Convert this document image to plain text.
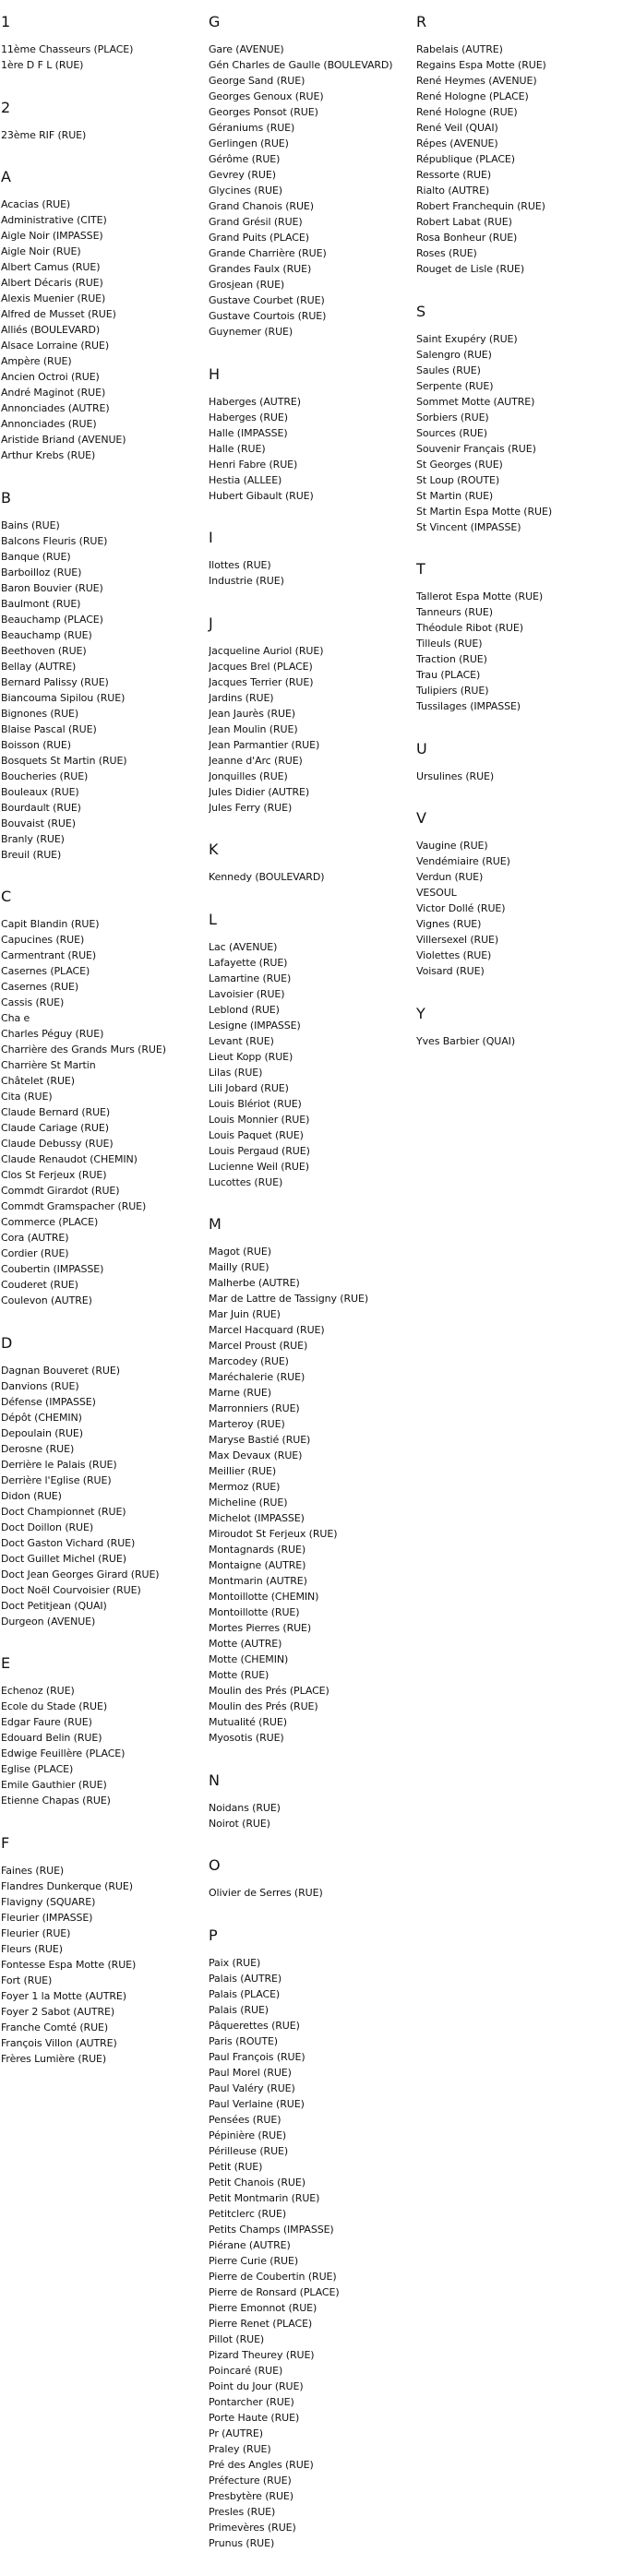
1
11ème Chasseurs (PLACE)
1ère D F L (RUE)
2
23ème RIF (RUE)
A
Acacias (RUE)
Administrative (CITE)
Aigle Noir (IMPASSE)
Aigle Noir (RUE)
Albert Camus (RUE)
Albert Décaris (RUE)
Alexis Muenier (RUE)
Alfred de Musset (RUE)
Alliés (BOULEVARD)
Alsace Lorraine (RUE)
Ampère (RUE)
Ancien Octroi (RUE)
André Maginot (RUE)
Annonciades (AUTRE)
Annonciades (RUE)
Aristide Briand (AVENUE)
Arthur Krebs (RUE)
B
Bains (RUE)
Balcons Fleuris (RUE)
Banque (RUE)
Barboilloz (RUE)
Baron Bouvier (RUE)
Baulmont (RUE)
Beauchamp (PLACE)
Beauchamp (RUE)
Beethoven (RUE)
Bellay (AUTRE)
Bernard Palissy (RUE)
Biancouma Sipilou (RUE)
Bignones (RUE)
Blaise Pascal (RUE)
Boisson (RUE)
Bosquets St Martin (RUE)
Boucheries (RUE)
Bouleaux (RUE)
Bourdault (RUE)
Bouvaist (RUE)
Branly (RUE)
Breuil (RUE)
C
Capit Blandin (RUE)
Capucines (RUE)
Carmentrant (RUE)
Casernes (PLACE)
Casernes (RUE)
Cassis (RUE)
Cha e
Charles Péguy (RUE)
Charrière des Grands Murs (RUE)
Charrière St Martin
Châtelet (RUE)
Cita (RUE)
Claude Bernard (RUE)
Claude Cariage (RUE)
Claude Debussy (RUE)
Claude Renaudot (CHEMIN)
Clos St Ferjeux (RUE)
Commdt Girardot (RUE)
Commdt Gramspacher (RUE)
Commerce (PLACE)
Cora (AUTRE)
Cordier (RUE)
Coubertin (IMPASSE)
Couderet (RUE)
Coulevon (AUTRE)
D
Dagnan Bouveret (RUE)
Danvions (RUE)
Défense (IMPASSE)
Dépôt (CHEMIN)
Depoulain (RUE)
Derosne (RUE)
Derrière le Palais (RUE)
Derrière l'Eglise (RUE)
Didon (RUE)
Doct Championnet (RUE)
Doct Doillon (RUE)
Doct Gaston Vichard (RUE)
Doct Guillet Michel (RUE)
Doct Jean Georges Girard (RUE)
Doct Noël Courvoisier (RUE)
Doct Petitjean (QUAI)
Durgeon (AVENUE)
E
Echenoz (RUE)
Ecole du Stade (RUE)
Edgar Faure (RUE)
Edouard Belin (RUE)
Edwige Feuillère (PLACE)
Eglise (PLACE)
Emile Gauthier (RUE)
Etienne Chapas (RUE)
F
Faines (RUE)
Flandres Dunkerque (RUE)
Flavigny (SQUARE)
Fleurier (IMPASSE)
Fleurier (RUE)
Fleurs (RUE)
Fontesse Espa Motte (RUE)
Fort (RUE)
Foyer 1 la Motte (AUTRE)
Foyer 2 Sabot (AUTRE)
Franche Comté (RUE)
François Villon (AUTRE)
Frères Lumière (RUE)
G
Gare (AVENUE)
Gén Charles de Gaulle (BOULEVARD)
George Sand (RUE)
Georges Genoux (RUE)
Georges Ponsot (RUE)
Géraniums (RUE)
Gerlingen (RUE)
Gérôme (RUE)
Gevrey (RUE)
Glycines (RUE)
Grand Chanois (RUE)
Grand Grésil (RUE)
Grand Puits (PLACE)
Grande Charrière (RUE)
Grandes Faulx (RUE)
Grosjean (RUE)
Gustave Courbet (RUE)
Gustave Courtois (RUE)
Guynemer (RUE)
H
Haberges (AUTRE)
Haberges (RUE)
Halle (IMPASSE)
Halle (RUE)
Henri Fabre (RUE)
Hestia (ALLEE)
Hubert Gibault (RUE)
I
Ilottes (RUE)
Industrie (RUE)
J
Jacqueline Auriol (RUE)
Jacques Brel (PLACE)
Jacques Terrier (RUE)
Jardins (RUE)
Jean Jaurès (RUE)
Jean Moulin (RUE)
Jean Parmantier (RUE)
Jeanne d'Arc (RUE)
Jonquilles (RUE)
Jules Didier (AUTRE)
Jules Ferry (RUE)
K
Kennedy (BOULEVARD)
L
Lac (AVENUE)
Lafayette (RUE)
Lamartine (RUE)
Lavoisier (RUE)
Leblond (RUE)
Lesigne (IMPASSE)
Levant (RUE)
Lieut Kopp (RUE)
Lilas (RUE)
Lili Jobard (RUE)
Louis Blériot (RUE)
Louis Monnier (RUE)
Louis Paquet (RUE)
Louis Pergaud (RUE)
Lucienne Weil (RUE)
Lucottes (RUE)
M
Magot (RUE)
Mailly (RUE)
Malherbe (AUTRE)
Mar de Lattre de Tassigny (RUE)
Mar Juin (RUE)
Marcel Hacquard (RUE)
Marcel Proust (RUE)
Marcodey (RUE)
Maréchalerie (RUE)
Marne (RUE)
Marronniers (RUE)
Marteroy (RUE)
Maryse Bastié (RUE)
Max Devaux (RUE)
Meillier (RUE)
Mermoz (RUE)
Micheline (RUE)
Michelot (IMPASSE)
Miroudot St Ferjeux (RUE)
Montagnards (RUE)
Montaigne (AUTRE)
Montmarin (AUTRE)
Montoillotte (CHEMIN)
Montoillotte (RUE)
Mortes Pierres (RUE)
Motte (AUTRE)
Motte (CHEMIN)
Motte (RUE)
Moulin des Prés (PLACE)
Moulin des Prés (RUE)
Mutualité (RUE)
Myosotis (RUE)
N
Noidans (RUE)
Noirot (RUE)
O
Olivier de Serres (RUE)
P
Paix (RUE)
Palais (AUTRE)
Palais (PLACE)
Palais (RUE)
Pâquerettes (RUE)
Paris (ROUTE)
Paul François (RUE)
Paul Morel (RUE)
Paul Valéry (RUE)
Paul Verlaine (RUE)
Pensées (RUE)
Pépinière (RUE)
Périlleuse (RUE)
Petit (RUE)
Petit Chanois (RUE)
Petit Montmarin (RUE)
Petitclerc (RUE)
Petits Champs (IMPASSE)
Piérane (AUTRE)
Pierre Curie (RUE)
Pierre de Coubertin (RUE)
Pierre de Ronsard (PLACE)
Pierre Emonnot (RUE)
Pierre Renet (PLACE)
Pillot (RUE)
Pizard Theurey (RUE)
Poincaré (RUE)
Point du Jour (RUE)
Pontarcher (RUE)
Porte Haute (RUE)
Pr (AUTRE)
Praley (RUE)
Pré des Angles (RUE)
Préfecture (RUE)
Presbytère (RUE)
Presles (RUE)
Primevères (RUE)
Prunus (RUE)
R
Rabelais (AUTRE)
Regains Espa Motte (RUE)
René Heymes (AVENUE)
René Hologne (PLACE)
René Hologne (RUE)
René Veil (QUAI)
Répes (AVENUE)
République (PLACE)
Ressorte (RUE)
Rialto (AUTRE)
Robert Franchequin (RUE)
Robert Labat (RUE)
Rosa Bonheur (RUE)
Roses (RUE)
Rouget de Lisle (RUE)
S
Saint Exupéry (RUE)
Salengro (RUE)
Saules (RUE)
Serpente (RUE)
Sommet Motte (AUTRE)
Sorbiers (RUE)
Sources (RUE)
Souvenir Français (RUE)
St Georges (RUE)
St Loup (ROUTE)
St Martin (RUE)
St Martin Espa Motte (RUE)
St Vincent (IMPASSE)
T
Tallerot Espa Motte (RUE)
Tanneurs (RUE)
Théodule Ribot (RUE)
Tilleuls (RUE)
Traction (RUE)
Trau (PLACE)
Tulipiers (RUE)
Tussilages (IMPASSE)
U
Ursulines (RUE)
V
Vaugine (RUE)
Vendémiaire (RUE)
Verdun (RUE)
VESOUL
Victor Dollé (RUE)
Vignes (RUE)
Villersexel (RUE)
Violettes (RUE)
Voisard (RUE)
Y
Yves Barbier (QUAI)
